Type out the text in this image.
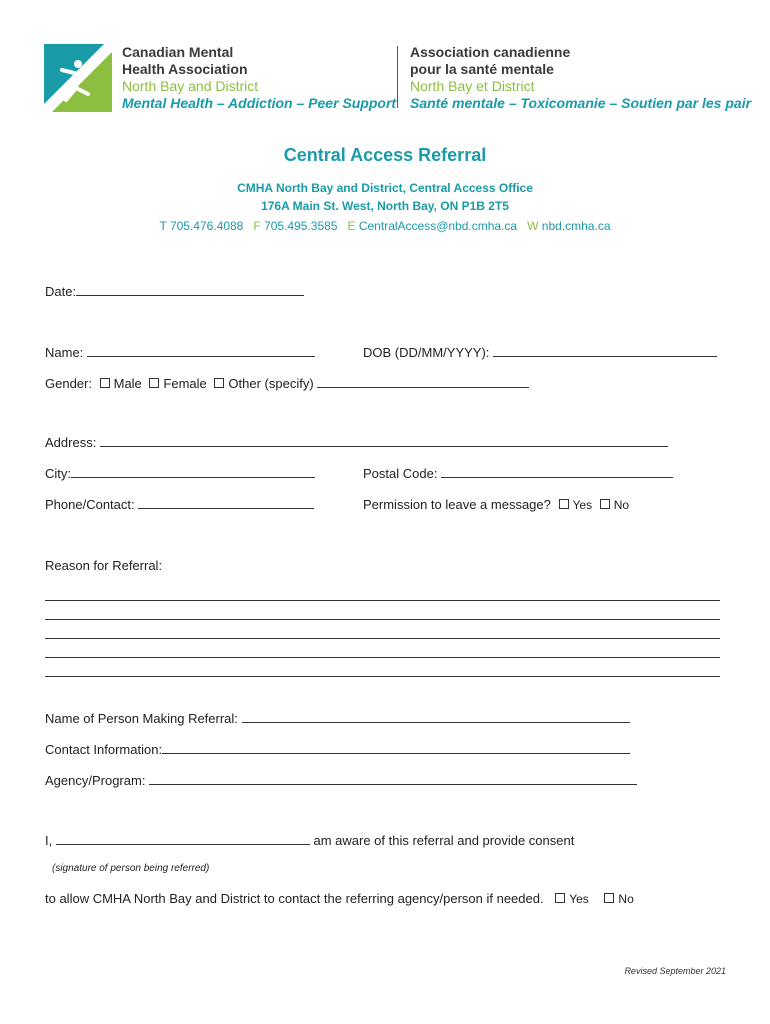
Canadian Mental
Health Association
North Bay and District
Mental Health – Addiction – Peer Support
Association canadienne
pour la santé mentale
North Bay et District
Santé mentale – Toxicomanie – Soutien par les pair
Central Access Referral
CMHA North Bay and District, Central Access Office
176A Main St. West, North Bay, ON P1B 2T5
T 705.476.4088 F 705.495.3585 E CentralAccess@nbd.cmha.ca W nbd.cmha.ca
Date:
Name:	DOB (DD/MM/YYYY):
Gender: Male Female Other (specify)
Address:
City:	Postal Code:
Phone/Contact:	Permission to leave a message? Yes No
Reason for Referral:
Name of Person Making Referral:
Contact Information:
Agency/Program:
I,	am aware of this referral and provide consent
(signature of person being referred)
to allow CMHA North Bay and District to contact the referring agency/person if needed. Yes No
Revised September 2021
